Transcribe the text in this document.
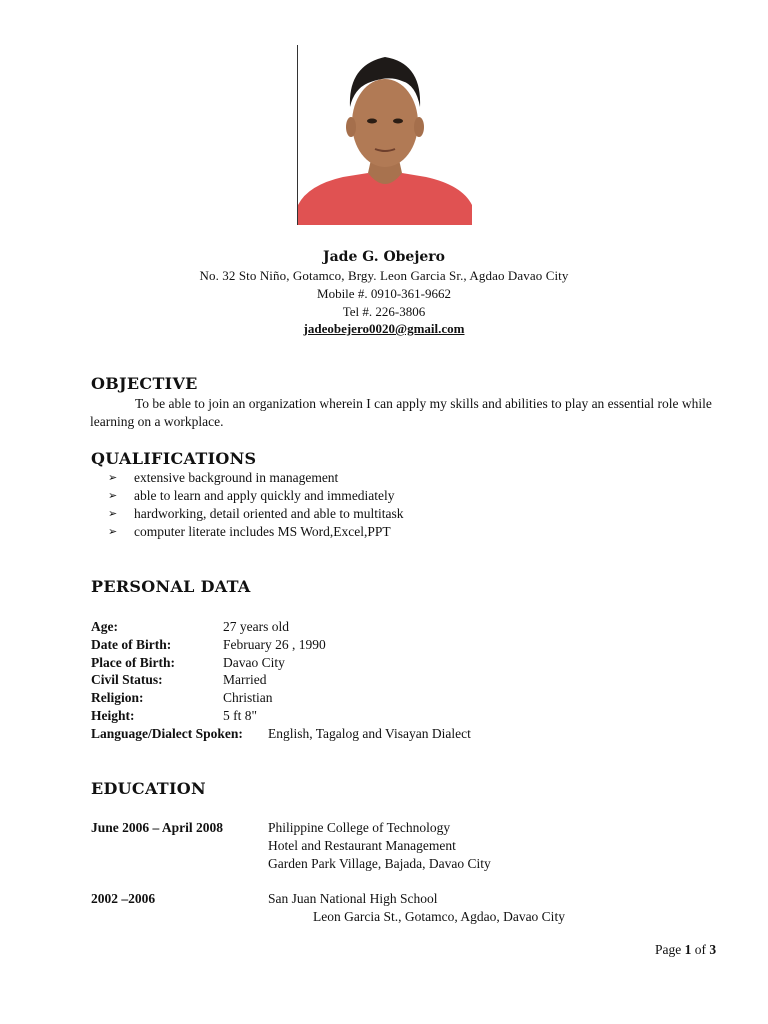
Jade G. Obejero
No. 32 Sto Niño, Gotamco, Brgy. Leon Garcia Sr., Agdao Davao City
Mobile #. 0910-361-9662
Tel #. 226-3806
jadeobejero0020@gmail.com
OBJECTIVE
To be able to join an organization wherein I can apply my skills and abilities to play an essential role while learning on a workplace.
QUALIFICATIONS
➢	extensive background in management
➢	able to learn and apply quickly and immediately
➢	hardworking, detail oriented and able to multitask
➢	computer literate includes MS Word,Excel,PPT
PERSONAL DATA
Age:	27 years old
Date of Birth:	February 26 , 1990
Place of Birth:	Davao City
Civil Status:	Married
Religion:	Christian
Height:	5 ft 8"
Language/Dialect Spoken: English, Tagalog and Visayan Dialect
EDUCATION
June 2006 – April 2008	Philippine College of Technology
Hotel and Restaurant Management
Garden Park Village, Bajada, Davao City
2002 –2006	San Juan National High School
Leon Garcia St., Gotamco, Agdao, Davao City
Page 1 of 3
